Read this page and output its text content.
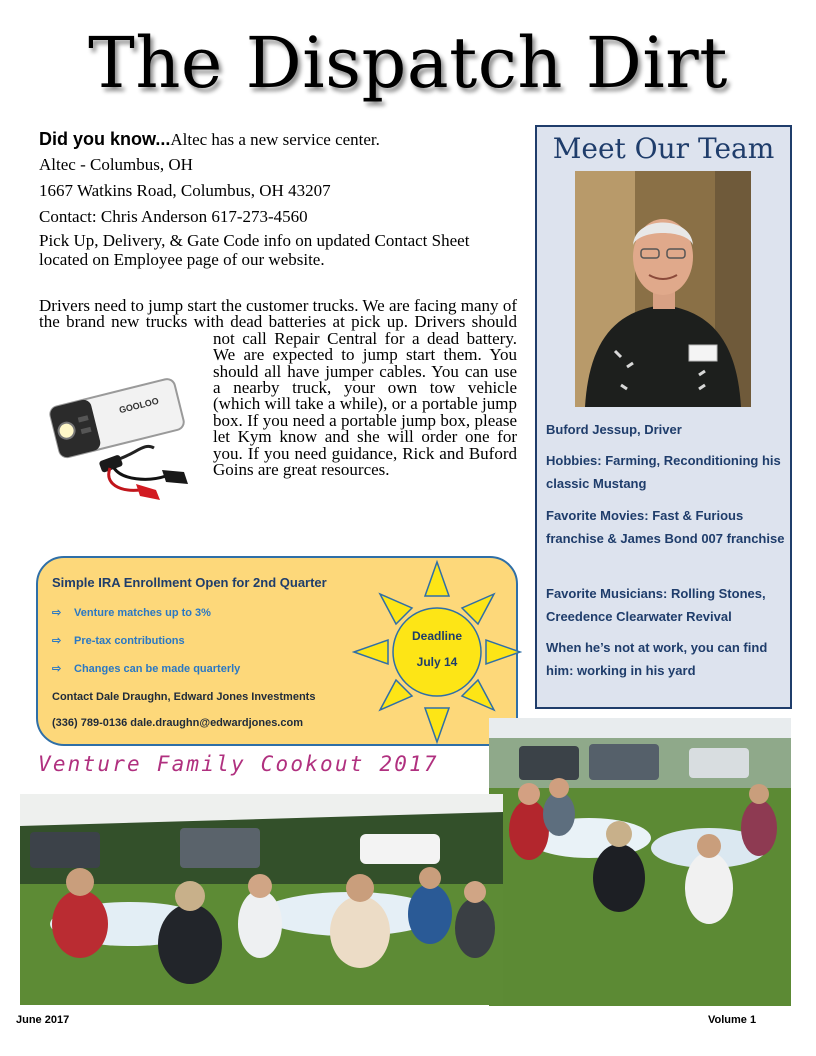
The Dispatch Dirt
Did you know...Altec has a new service center.
Altec - Columbus, OH
1667 Watkins Road, Columbus, OH 43207
Contact: Chris Anderson 617-273-4560
Pick Up, Delivery, & Gate Code info on updated Contact Sheet located on Employee page of our website.
Drivers need to jump start the customer trucks. We are facing many of the brand new trucks with dead batteries at pick up. Drivers should not call Repair Central for a dead battery. We are expected to jump start them. You should all have jumper cables. You can use a nearby truck, your own tow vehicle (which will take a while), or a portable jump box. If you need a portable jump box, please let Kym know and she will order one for you. If you need guidance, Rick and Buford Goins are great resources.
GOOLOO
Meet Our Team
Buford Jessup, Driver
Hobbies: Farming, Reconditioning his classic Mustang
Favorite Movies: Fast & Furious franchise & James Bond 007 franchise
Favorite Musicians: Rolling Stones, Creedence Clearwater Revival
When he’s not at work, you can find him: working in his yard
Simple IRA Enrollment Open for 2nd Quarter
⇨ Venture matches up to 3%
⇨ Pre-tax contributions
⇨ Changes can be made quarterly
Contact Dale Draughn, Edward Jones Investments
(336) 789-0136 dale.draughn@edwardjones.com
Deadline
July 14
Venture Family Cookout 2017
June 2017	Volume 1
